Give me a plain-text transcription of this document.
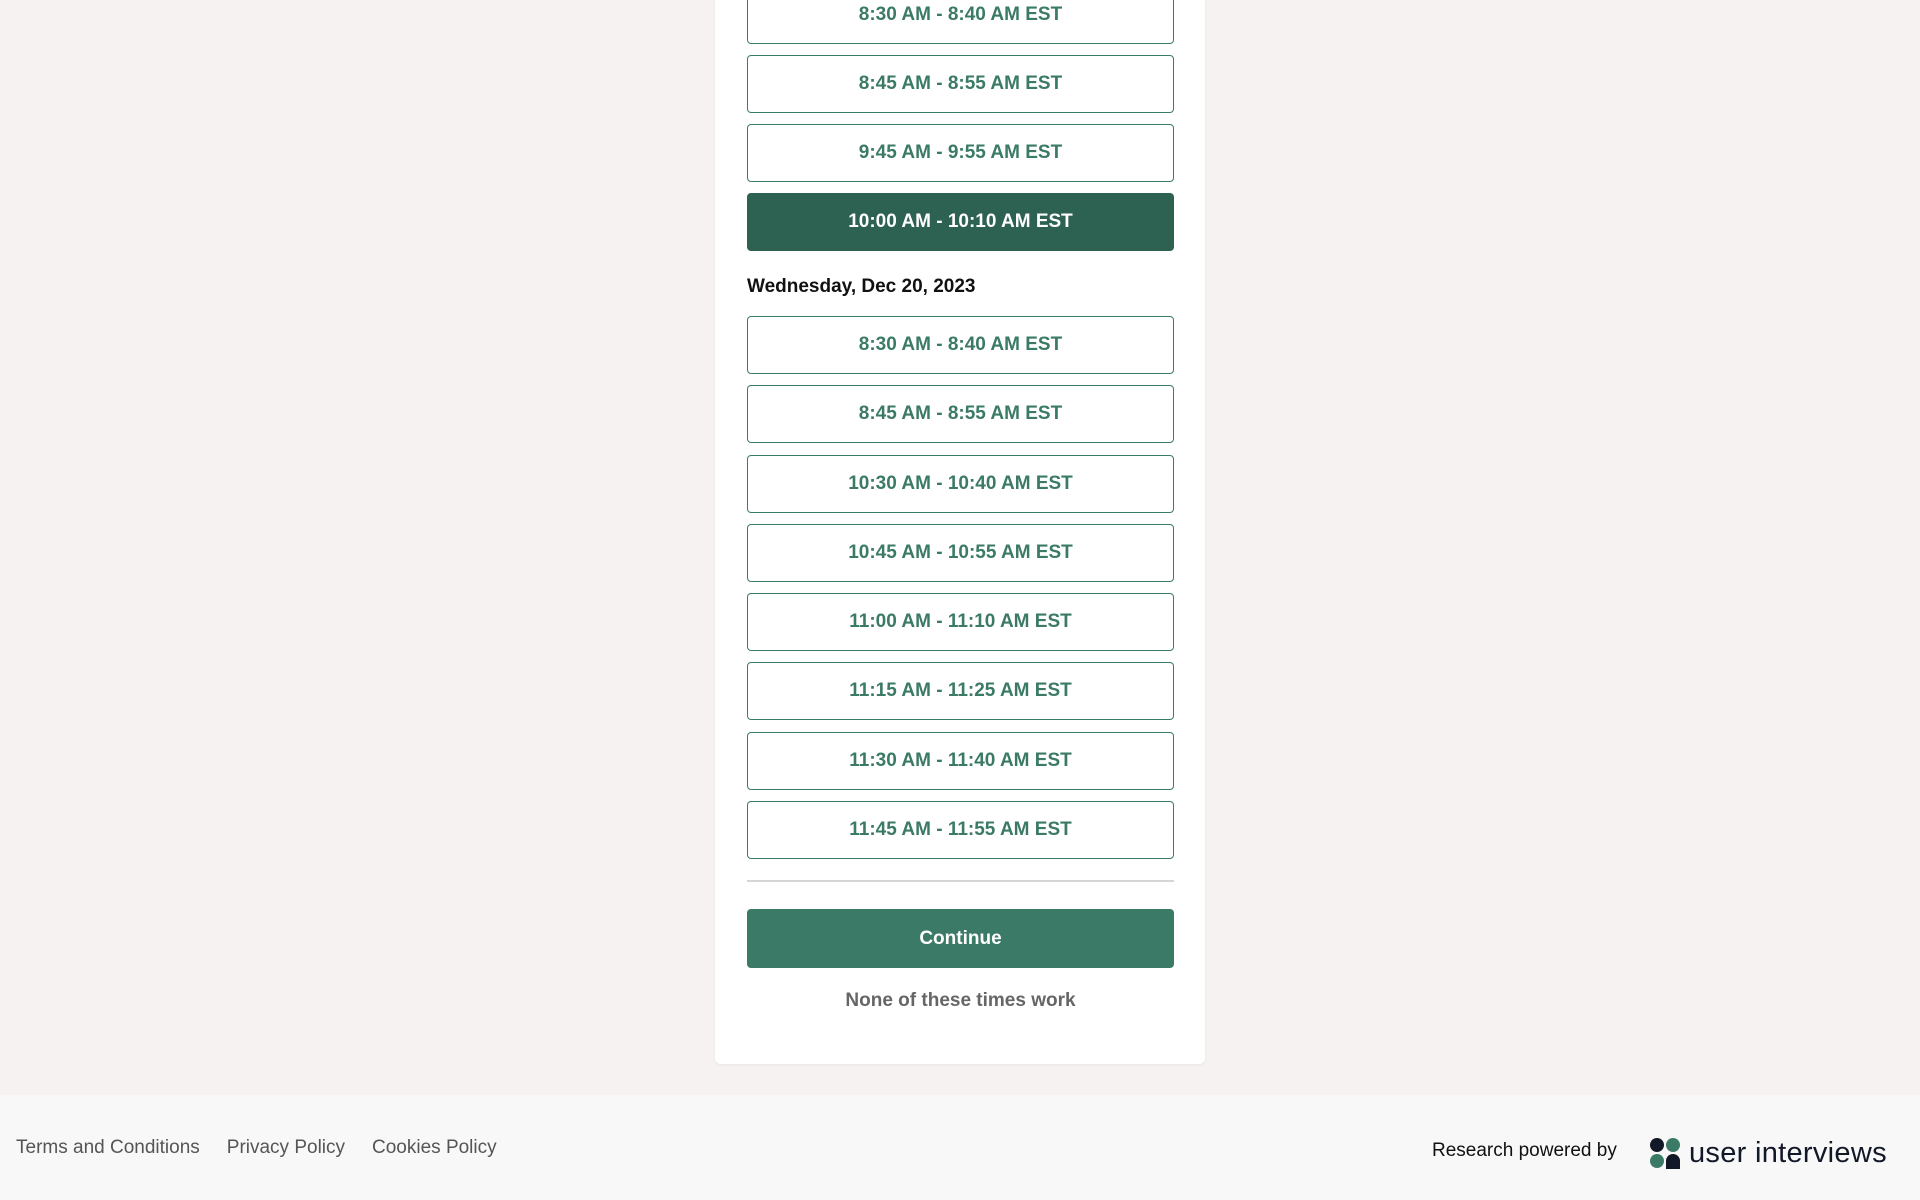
8:30 AM - 8:40 AM EST
8:45 AM - 8:55 AM EST
9:45 AM - 9:55 AM EST
10:00 AM - 10:10 AM EST
Wednesday, Dec 20, 2023
8:30 AM - 8:40 AM EST
8:45 AM - 8:55 AM EST
10:30 AM - 10:40 AM EST
10:45 AM - 10:55 AM EST
11:00 AM - 11:10 AM EST
11:15 AM - 11:25 AM EST
11:30 AM - 11:40 AM EST
11:45 AM - 11:55 AM EST
Continue
None of these times work
Terms and Conditions Privacy Policy Cookies Policy	Research powered by user interviews
